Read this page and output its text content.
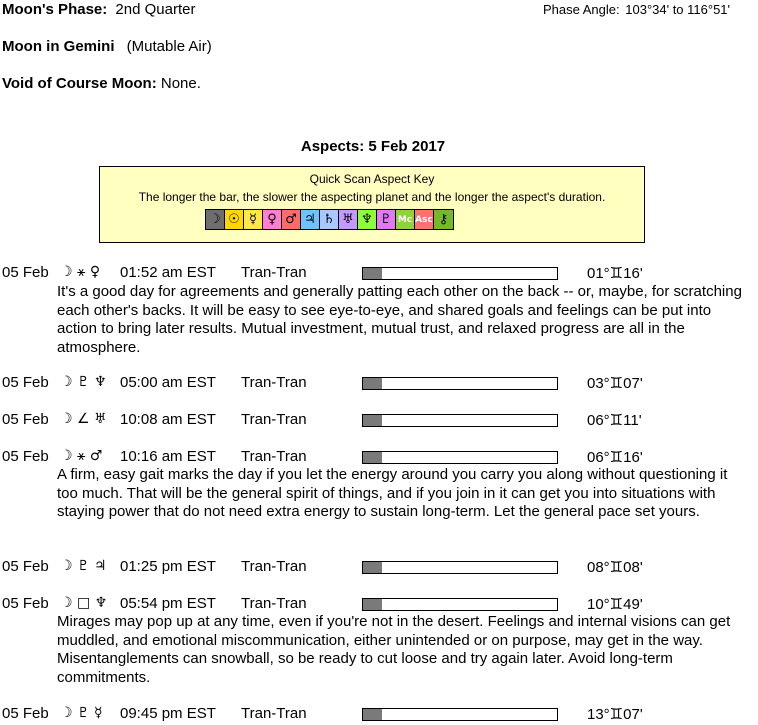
Moon's Phase: 2nd Quarter	Phase Angle: 103°34' to 116°51'
Moon in Gemini (Mutable Air)
Void of Course Moon: None.
Aspects: 5 Feb 2017
Quick Scan Aspect Key
The longer the bar, the slower the aspecting planet and the longer the aspect's duration.
☽ ☉ ☿ ♀ ♂ ♃ ♄ ♅ ♆ ♇ Mc Asc ⚷
05 Feb ☽ ⚹ ♀ 01:52 am EST Tran-Tran	01°♊16'
It's a good day for agreements and generally patting each other on the back -- or, maybe, for scratching each other's backs. It will be easy to see eye-to-eye, and shared goals and feelings can be put into action to bring later results. Mutual investment, mutual trust, and relaxed progress are all in the atmosphere.
05 Feb ☽ ♇ ♆ 05:00 am EST Tran-Tran	03°♊07'
05 Feb ☽ ∠ ♅ 10:08 am EST Tran-Tran	06°♊11'
05 Feb ☽ ⚹ ♂ 10:16 am EST Tran-Tran	06°♊16'
A firm, easy gait marks the day if you let the energy around you carry you along without questioning it too much. That will be the general spirit of things, and if you join in it can get you into situations with staying power that do not need extra energy to sustain long-term. Let the general pace set yours.
05 Feb ☽ ♇ ♃ 01:25 pm EST Tran-Tran	08°♊08'
05 Feb ☽ □ ♆ 05:54 pm EST Tran-Tran	10°♊49'
Mirages may pop up at any time, even if you're not in the desert. Feelings and internal visions can get muddled, and emotional miscommunication, either unintended or on purpose, may get in the way. Misentanglements can snowball, so be ready to cut loose and try again later. Avoid long-term commitments.
05 Feb ☽ ♇ ☿ 09:45 pm EST Tran-Tran	13°♊07'
